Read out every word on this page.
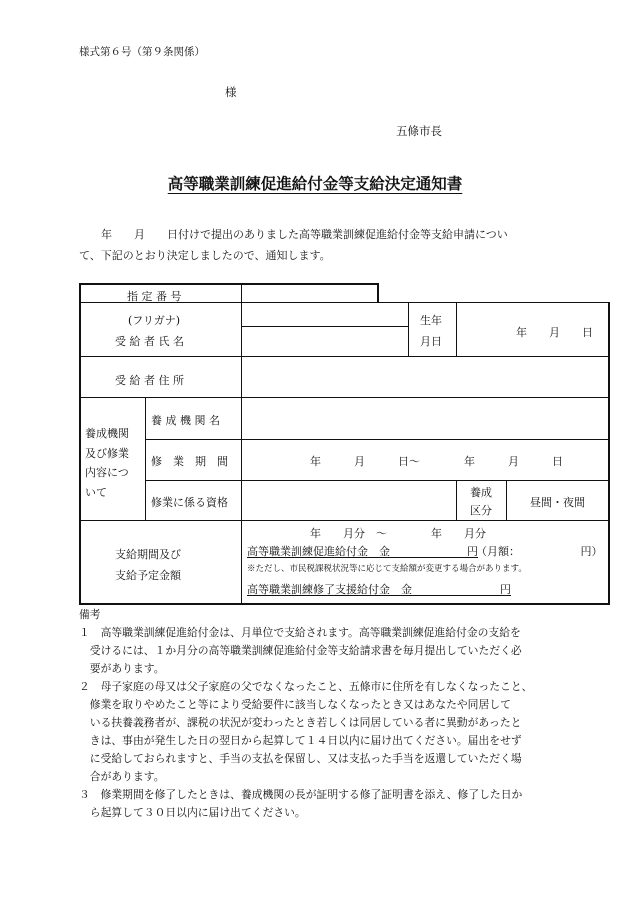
様式第６号（第９条関係）
様
五條市長
高等職業訓練促進給付金等支給決定通知書
　　年　　月　　日付けで提出のありました高等職業訓練促進給付金等支給申請につい
て、下記のとおり決定しましたので、通知します。
指 定 番 号
(フリガナ)
受 給 者 氏 名
生年
月日
年　　月　　日
受 給 者 住 所
養成機関
及び修業
内容につ
いて
養 成 機 関 名
修　業　期　間	年　　　月　　　日～　　　　年　　　月　　　日
修業に係る資格
養成
区分
昼間・夜間
支給期間及び
支給予定金額
年　　月分　～　　　　年　　月分
高等職業訓練促進給付金　金　　　　　　　円
（月額：　　　　　　円）
※ただし、市民税課税状況等に応じて支給額が変更する場合があります。
高等職業訓練修了支援給付金　金　　　　　　　　円
備考
１　高等職業訓練促進給付金は、月単位で支給されます。高等職業訓練促進給付金の支給を
　受けるには、１か月分の高等職業訓練促進給付金等支給請求書を毎月提出していただく必
　要があります。
２　母子家庭の母又は父子家庭の父でなくなったこと、五條市に住所を有しなくなったこと、
　修業を取りやめたこと等により受給要件に該当しなくなったとき又はあなたや同居して
　いる扶養義務者が、課税の状況が変わったとき若しくは同居している者に異動があったと
　きは、事由が発生した日の翌日から起算して１４日以内に届け出てください。届出をせず
　に受給しておられますと、手当の支払を保留し、又は支払った手当を返還していただく場
　合があります。
３　修業期間を修了したときは、養成機関の長が証明する修了証明書を添え、修了した日か
　ら起算して３０日以内に届け出てください。
